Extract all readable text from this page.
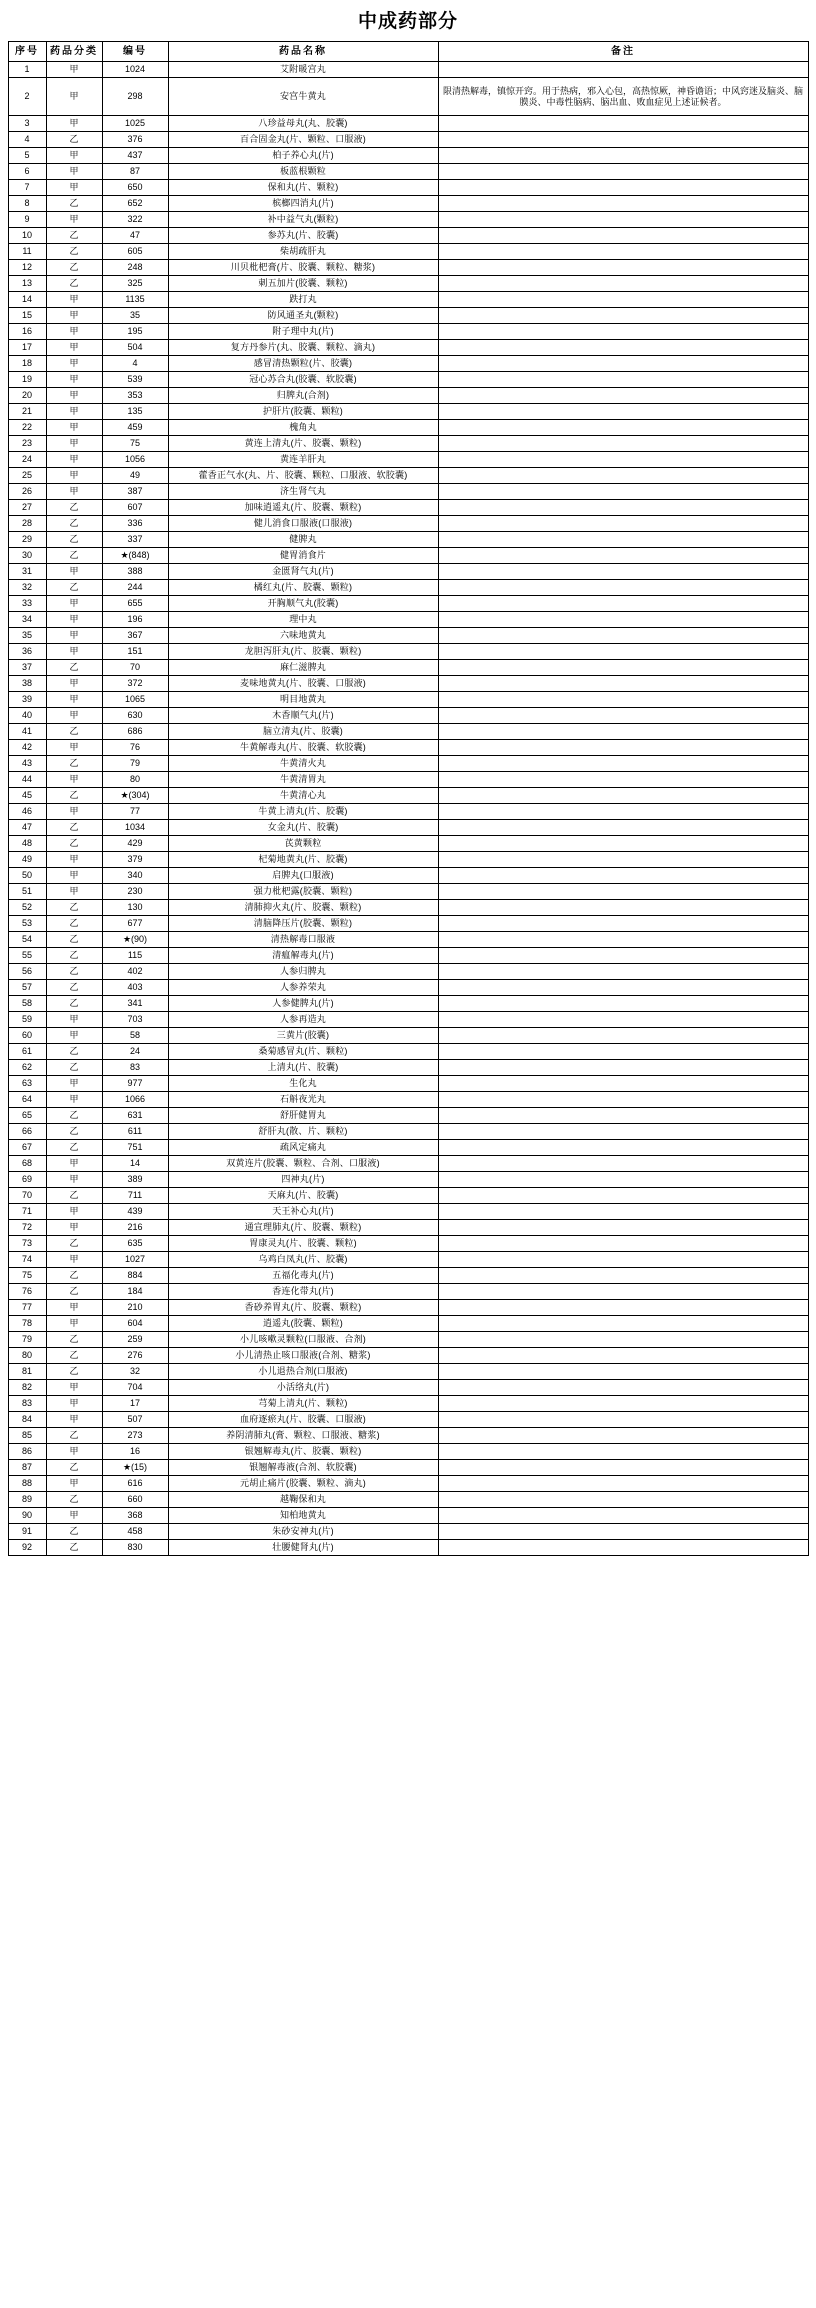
中成药部分
序号	药品分类	编号	药品名称	备注
1	甲	1024	艾附暖宫丸	
2	甲	298	安宫牛黄丸	限清热解毒，镇惊开窍。用于热病，邪入心包，高热惊厥，神昏谵语；中风窍迷及脑炎、脑膜炎、中毒性脑病、脑出血、败血症见上述证候者。
3	甲	1025	八珍益母丸(丸、胶囊)	
4	乙	376	百合固金丸(片、颗粒、口服液)	
5	甲	437	柏子养心丸(片)	
6	甲	87	板蓝根颗粒	
7	甲	650	保和丸(片、颗粒)	
8	乙	652	槟榔四消丸(片)	
9	甲	322	补中益气丸(颗粒)	
10	乙	47	参苏丸(片、胶囊)	
11	乙	605	柴胡疏肝丸	
12	乙	248	川贝枇杷膏(片、胶囊、颗粒、糖浆)	
13	乙	325	刺五加片(胶囊、颗粒)	
14	甲	1135	跌打丸	
15	甲	35	防风通圣丸(颗粒)	
16	甲	195	附子理中丸(片)	
17	甲	504	复方丹参片(丸、胶囊、颗粒、滴丸)	
18	甲	4	感冒清热颗粒(片、胶囊)	
19	甲	539	冠心苏合丸(胶囊、软胶囊)	
20	甲	353	归脾丸(合剂)	
21	甲	135	护肝片(胶囊、颗粒)	
22	甲	459	槐角丸	
23	甲	75	黄连上清丸(片、胶囊、颗粒)	
24	甲	1056	黄连羊肝丸	
25	甲	49	藿香正气水(丸、片、胶囊、颗粒、口服液、软胶囊)	
26	甲	387	济生肾气丸	
27	乙	607	加味逍遥丸(片、胶囊、颗粒)	
28	乙	336	健儿消食口服液(口服液)	
29	乙	337	健脾丸	
30	乙	★(848)	健胃消食片	
31	甲	388	金匮肾气丸(片)	
32	乙	244	橘红丸(片、胶囊、颗粒)	
33	甲	655	开胸顺气丸(胶囊)	
34	甲	196	理中丸	
35	甲	367	六味地黄丸	
36	甲	151	龙胆泻肝丸(片、胶囊、颗粒)	
37	乙	70	麻仁滋脾丸	
38	甲	372	麦味地黄丸(片、胶囊、口服液)	
39	甲	1065	明目地黄丸	
40	甲	630	木香顺气丸(片)	
41	乙	686	脑立清丸(片、胶囊)	
42	甲	76	牛黄解毒丸(片、胶囊、软胶囊)	
43	乙	79	牛黄清火丸	
44	甲	80	牛黄清胃丸	
45	乙	★(304)	牛黄清心丸	
46	甲	77	牛黄上清丸(片、胶囊)	
47	乙	1034	女金丸(片、胶囊)	
48	乙	429	芪黄颗粒	
49	甲	379	杞菊地黄丸(片、胶囊)	
50	甲	340	启脾丸(口服液)	
51	甲	230	强力枇杷露(胶囊、颗粒)	
52	乙	130	清肺抑火丸(片、胶囊、颗粒)	
53	乙	677	清脑降压片(胶囊、颗粒)	
54	乙	★(90)	清热解毒口服液	
55	乙	115	清瘟解毒丸(片)	
56	乙	402	人参归脾丸	
57	乙	403	人参养荣丸	
58	乙	341	人参健脾丸(片)	
59	甲	703	人参再造丸	
60	甲	58	三黄片(胶囊)	
61	乙	24	桑菊感冒丸(片、颗粒)	
62	乙	83	上清丸(片、胶囊)	
63	甲	977	生化丸	
64	甲	1066	石斛夜光丸	
65	乙	631	舒肝健胃丸	
66	乙	611	舒肝丸(散、片、颗粒)	
67	乙	751	疏风定痛丸	
68	甲	14	双黄连片(胶囊、颗粒、合剂、口服液)	
69	甲	389	四神丸(片)	
70	乙	711	天麻丸(片、胶囊)	
71	甲	439	天王补心丸(片)	
72	甲	216	通宣理肺丸(片、胶囊、颗粒)	
73	乙	635	胃康灵丸(片、胶囊、颗粒)	
74	甲	1027	乌鸡白凤丸(片、胶囊)	
75	乙	884	五福化毒丸(片)	
76	乙	184	香连化带丸(片)	
77	甲	210	香砂养胃丸(片、胶囊、颗粒)	
78	甲	604	逍遥丸(胶囊、颗粒)	
79	乙	259	小儿咳嗽灵颗粒(口服液、合剂)	
80	乙	276	小儿清热止咳口服液(合剂、糖浆)	
81	乙	32	小儿退热合剂(口服液)	
82	甲	704	小活络丸(片)	
83	甲	17	芎菊上清丸(片、颗粒)	
84	甲	507	血府逐瘀丸(片、胶囊、口服液)	
85	乙	273	养阴清肺丸(膏、颗粒、口服液、糖浆)	
86	甲	16	银翘解毒丸(片、胶囊、颗粒)	
87	乙	★(15)	银翘解毒液(合剂、软胶囊)	
88	甲	616	元胡止痛片(胶囊、颗粒、滴丸)	
89	乙	660	越鞠保和丸	
90	甲	368	知柏地黄丸	
91	乙	458	朱砂安神丸(片)	
92	乙	830	壮腰健肾丸(片)	
